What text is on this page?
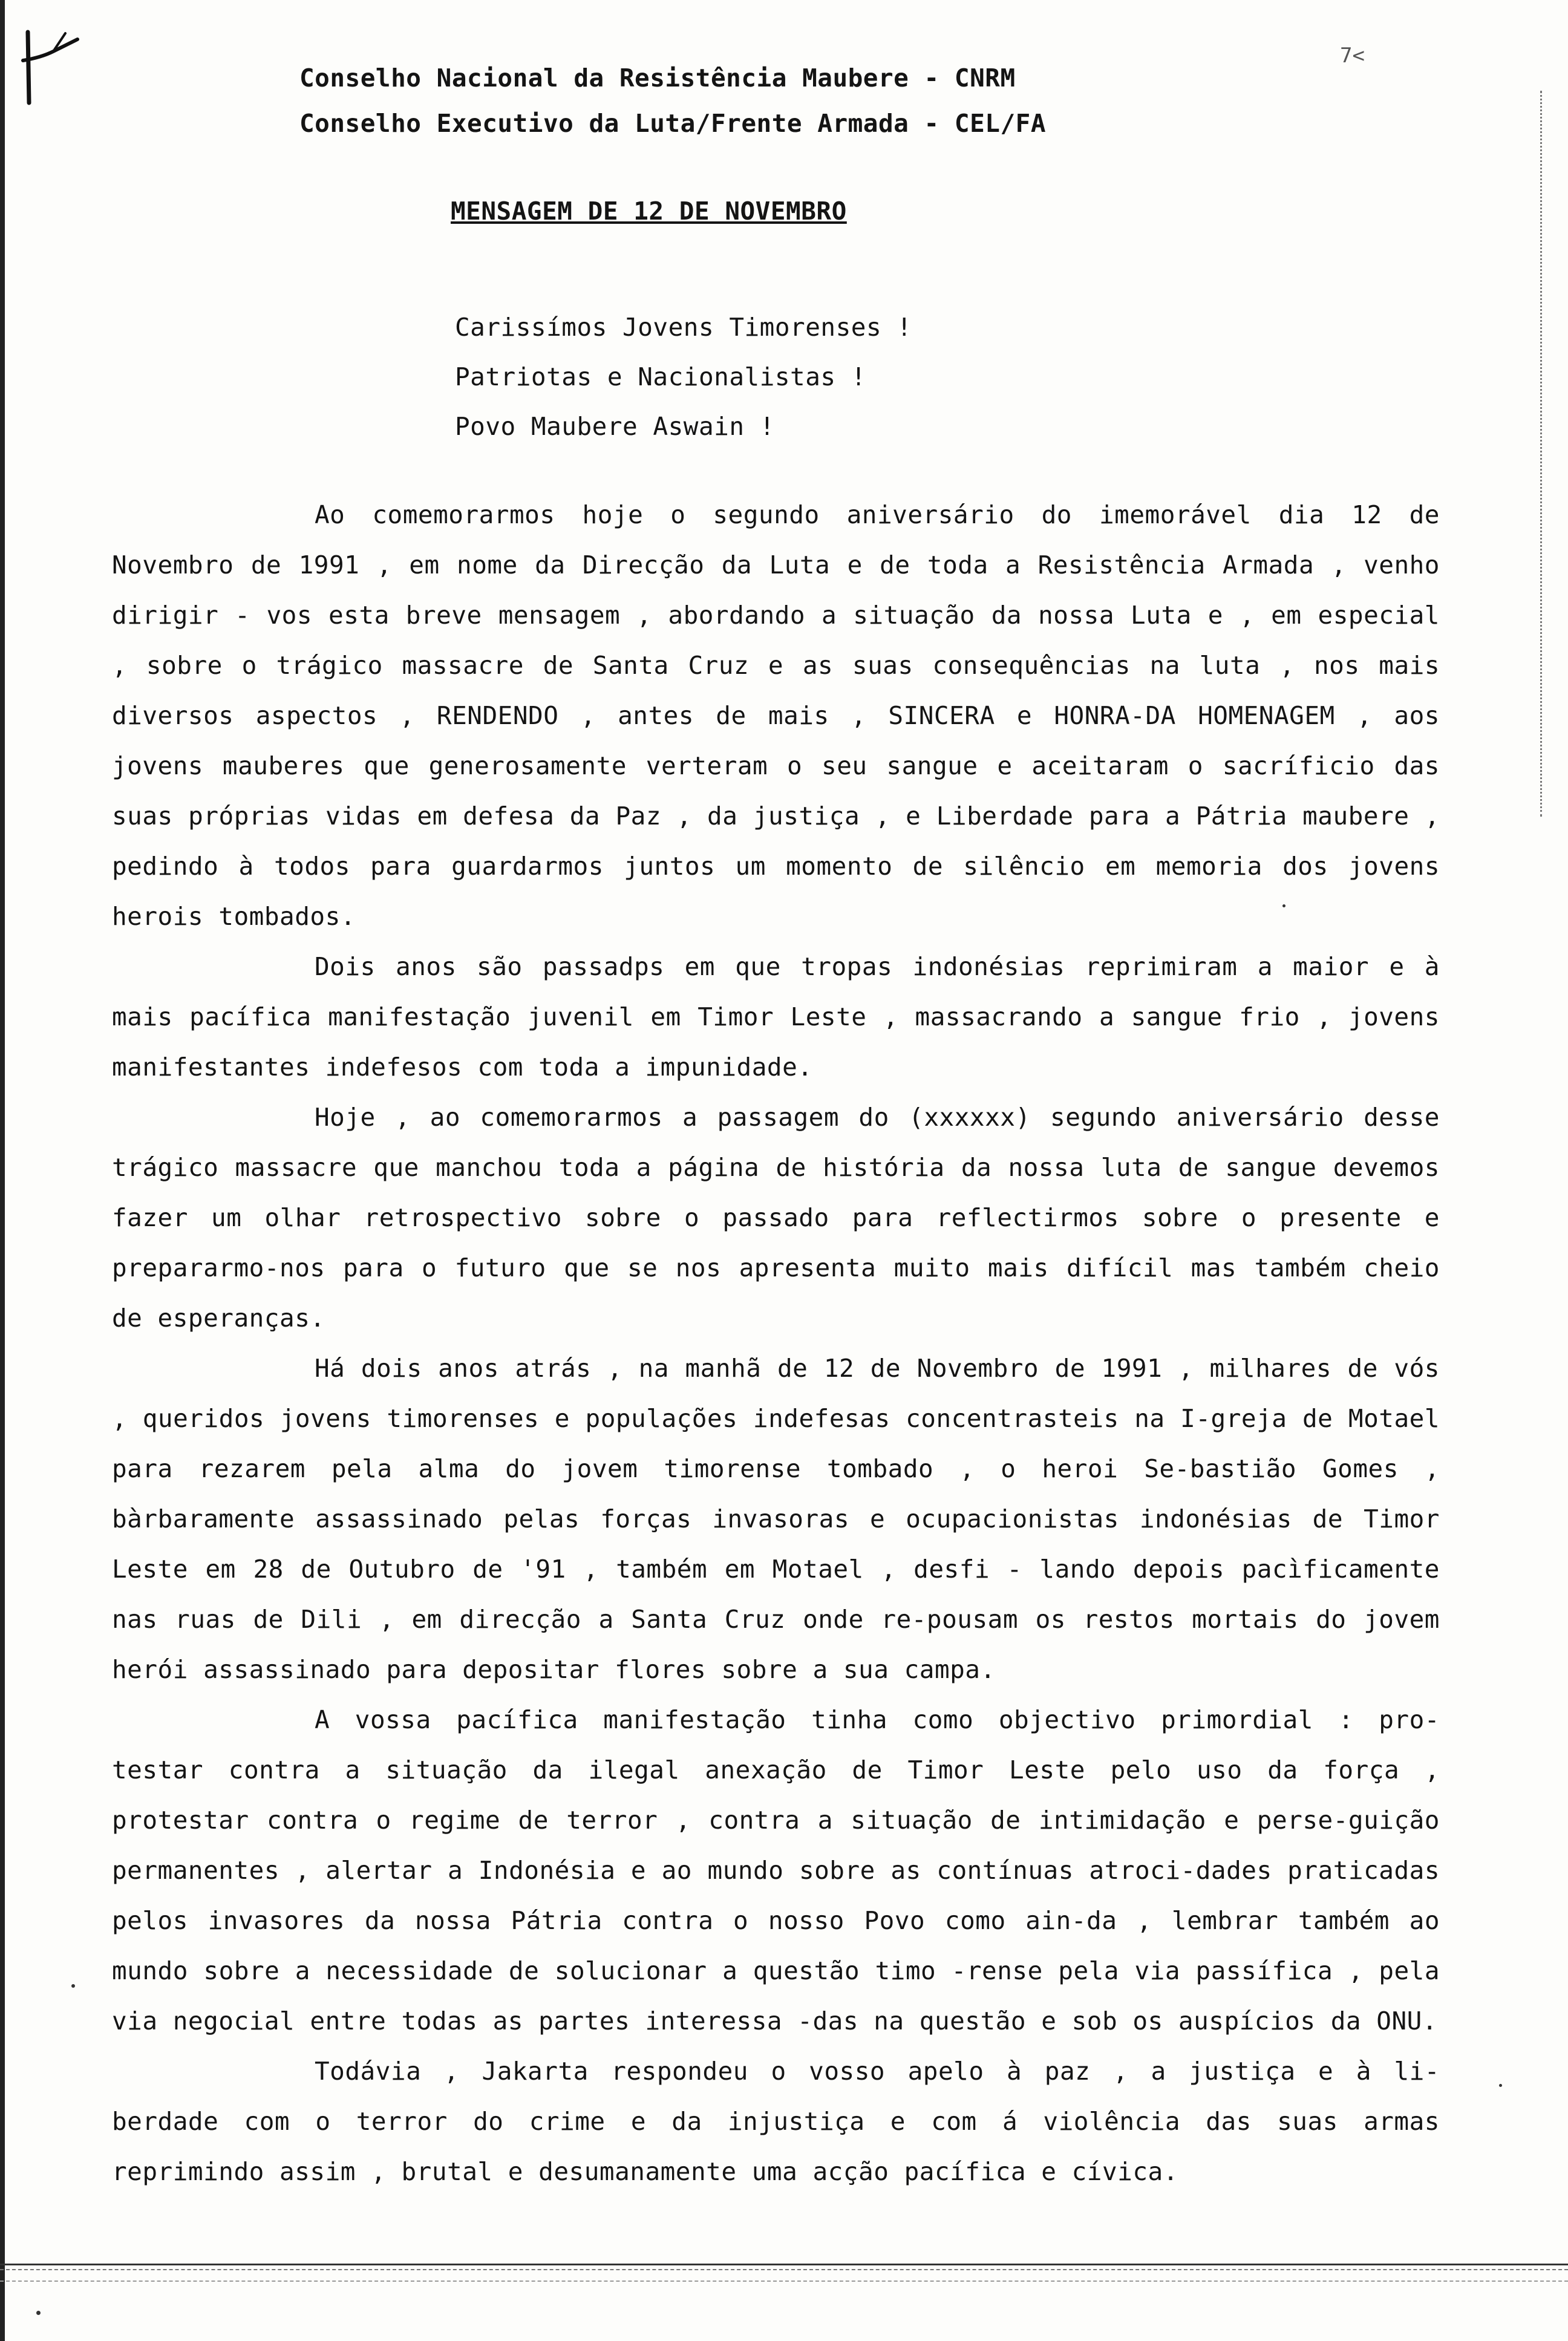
Conselho Nacional da Resistência Maubere - CNRM
Conselho Executivo da Luta/Frente Armada - CEL/FA
7<
MENSAGEM DE 12 DE NOVEMBRO
Carissímos Jovens Timorenses !
Patriotas e Nacionalistas !
Povo Maubere Aswain !

Ao comemorarmos hoje o segundo aniversário do imemorável dia 12 de Novembro de 1991 , em nome da Direcção da Luta e de toda a Resistência Armada , venho dirigir - vos esta breve mensagem , abordando a situação da nossa Luta e , em especial , sobre o trágico massacre de Santa Cruz e as suas consequências na luta , nos mais diversos aspectos , RENDENDO , antes de mais , SINCERA e HONRA-DA HOMENAGEM , aos jovens mauberes que generosamente verteram o seu sangue e aceitaram o sacríficio das suas próprias vidas em defesa da Paz , da justiça , e Liberdade para a Pátria maubere , pedindo à todos para guardarmos juntos um momento de silêncio em memoria dos jovens herois tombados.

Dois anos são passadps em que tropas indonésias reprimiram a maior e à mais pacífica manifestação juvenil em Timor Leste , massacrando a sangue frio , jovens manifestantes indefesos com toda a impunidade.

Hoje , ao comemorarmos a passagem do (xxxxxx) segundo aniversário desse trágico massacre que manchou toda a página de história da nossa luta de sangue devemos fazer um olhar retrospectivo sobre o passado para reflectirmos sobre o presente e prepararmo-nos para o futuro que se nos apresenta muito mais difícil mas também cheio de esperanças.

Há dois anos atrás , na manhã de 12 de Novembro de 1991 , milhares de vós , queridos jovens timorenses e populações indefesas concentrasteis na I-greja de Motael para rezarem pela alma do jovem timorense tombado , o heroi Se-bastião Gomes , bàrbaramente assassinado pelas forças invasoras e ocupacionistas indonésias de Timor Leste em 28 de Outubro de '91 , também em Motael , desfi - lando depois pacìficamente nas ruas de Dili , em direcção a Santa Cruz onde re-pousam os restos mortais do jovem herói assassinado para depositar flores sobre a sua campa.

A vossa pacífica manifestação tinha como objectivo primordial : pro-testar contra a situação da ilegal anexação de Timor Leste pelo uso da força , protestar contra o regime de terror , contra a situação de intimidação e perse-guição permanentes , alertar a Indonésia e ao mundo sobre as contínuas atroci-dades praticadas pelos invasores da nossa Pátria contra o nosso Povo como ain-da , lembrar também ao mundo sobre a necessidade de solucionar a questão timo -rense pela via passífica , pela via negocial entre todas as partes interessa -das na questão e sob os auspícios da ONU.

Todávia , Jakarta respondeu o vosso apelo à paz , a justiça e à li-berdade com o terror do crime e da injustiça e com á violência das suas armas reprimindo assim , brutal e desumanamente uma acção pacífica e cívica.
